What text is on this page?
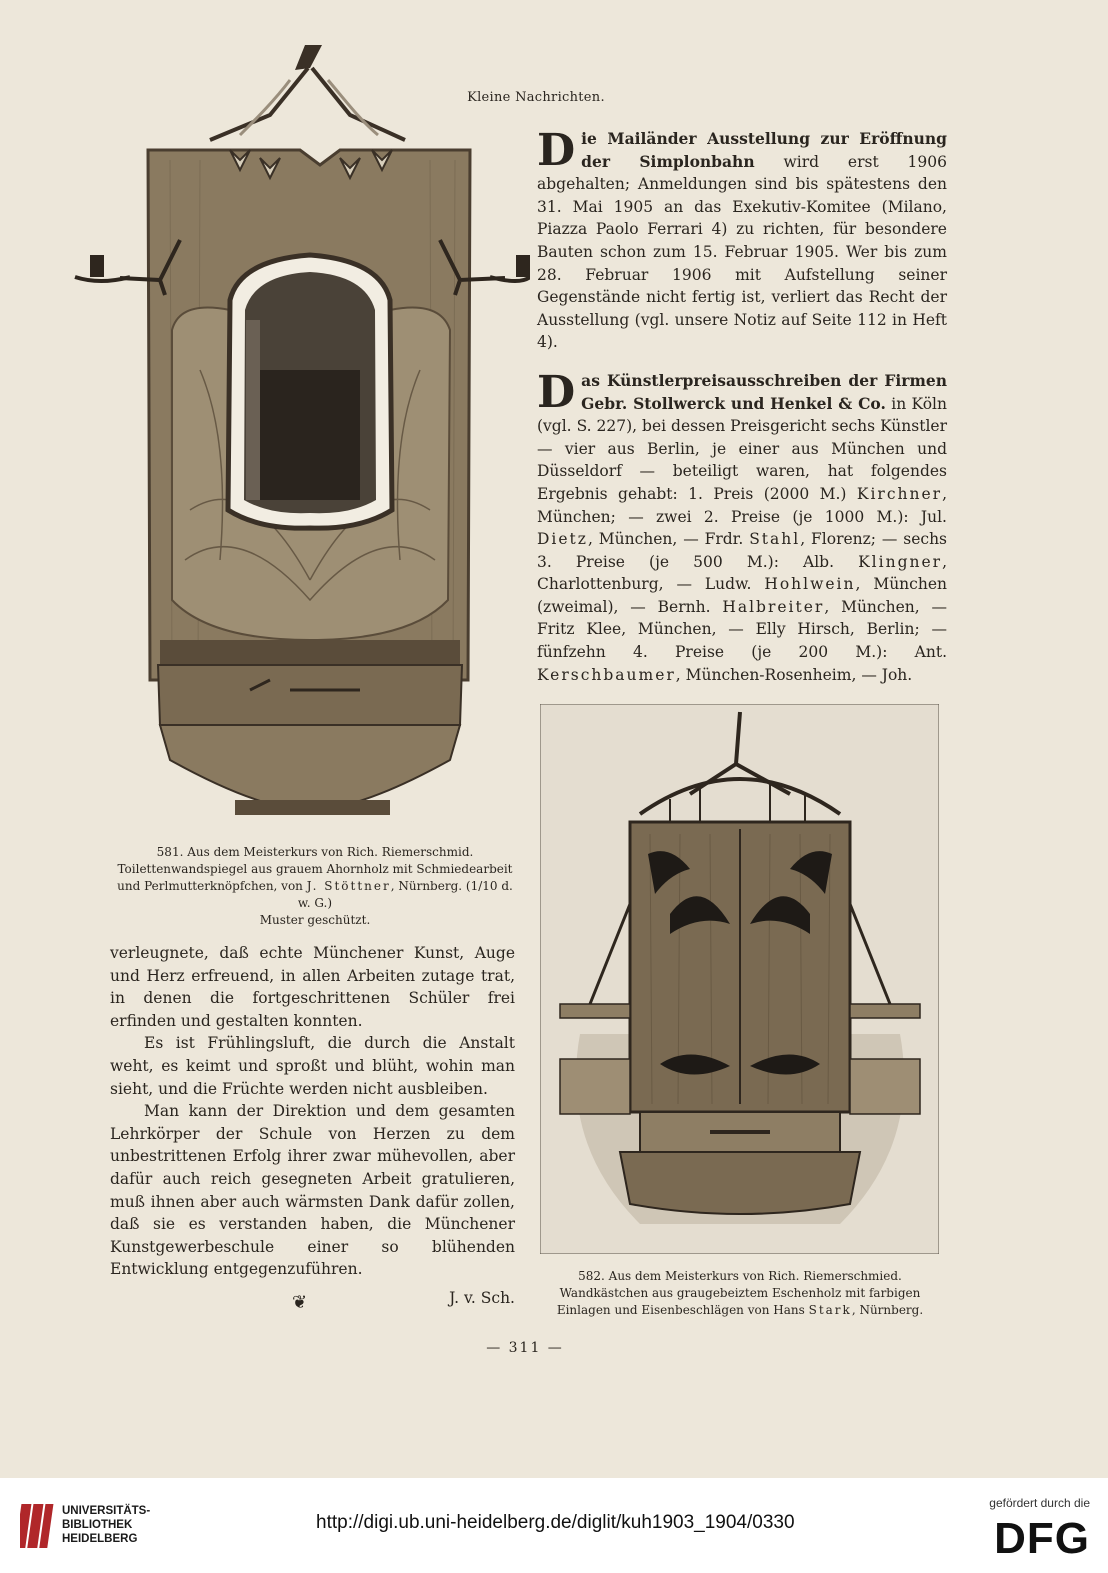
Kleine Nachrichten.
581. Aus dem Meisterkurs von Rich. Riemerschmid. Toilettenwandspiegel aus grauem Ahornholz mit Schmiedearbeit und Perlmutterknöpfchen, von J. Stöttner, Nürnberg. (1/10 d. w. G.)
Muster geschützt.

Die Mailänder Ausstellung zur Eröffnung der Simplonbahn wird erst 1906 abgehalten; Anmeldungen sind bis spätestens den 31. Mai 1905 an das Exekutiv-Komitee (Milano, Piazza Paolo Ferrari 4) zu richten, für besondere Bauten schon zum 15. Februar 1905. Wer bis zum 28. Februar 1906 mit Aufstellung seiner Gegenstände nicht fertig ist, verliert das Recht der Ausstellung (vgl. unsere Notiz auf Seite 112 in Heft 4).

Das Künstlerpreisausschreiben der Firmen Gebr. Stollwerck und Henkel & Co. in Köln (vgl. S. 227), bei dessen Preisgericht sechs Künstler — vier aus Berlin, je einer aus München und Düsseldorf — beteiligt waren, hat folgendes Ergebnis gehabt: 1. Preis (2000 M.) Kirchner, München; — zwei 2. Preise (je 1000 M.): Jul. Dietz, München, — Frdr. Stahl, Florenz; — sechs 3. Preise (je 500 M.): Alb. Klingner, Charlottenburg, — Ludw. Hohlwein, München (zweimal), — Bernh. Halbreiter, München, — Fritz Klee, München, — Elly Hirsch, Berlin; — fünfzehn 4. Preise (je 200 M.): Ant. Kerschbaumer, München-Rosenheim, — Joh.

582. Aus dem Meisterkurs von Rich. Riemerschmied. Wandkästchen aus graugebeiztem Eschenholz mit farbigen Einlagen und Eisenbeschlägen von Hans Stark, Nürnberg.

verleugnete, daß echte Münchener Kunst, Auge und Herz erfreuend, in allen Arbeiten zutage trat, in denen die fortgeschrittenen Schüler frei erfinden und gestalten konnten.

Es ist Frühlingsluft, die durch die Anstalt weht, es keimt und sproßt und blüht, wohin man sieht, und die Früchte werden nicht ausbleiben.

Man kann der Direktion und dem gesamten Lehrkörper der Schule von Herzen zu dem unbestrittenen Erfolg ihrer zwar mühevollen, aber dafür auch reich gesegneten Arbeit gratulieren, muß ihnen aber auch wärmsten Dank dafür zollen, daß sie es verstanden haben, die Münchener Kunstgewerbeschule einer so blühenden Entwicklung entgegenzuführen.

J. v. Sch.

❦
— 311 —
UNIVERSITÄTS-
BIBLIOTHEK
HEIDELBERG
http://digi.ub.uni-heidelberg.de/diglit/kuh1903_1904/0330
gefördert durch die
DFG
